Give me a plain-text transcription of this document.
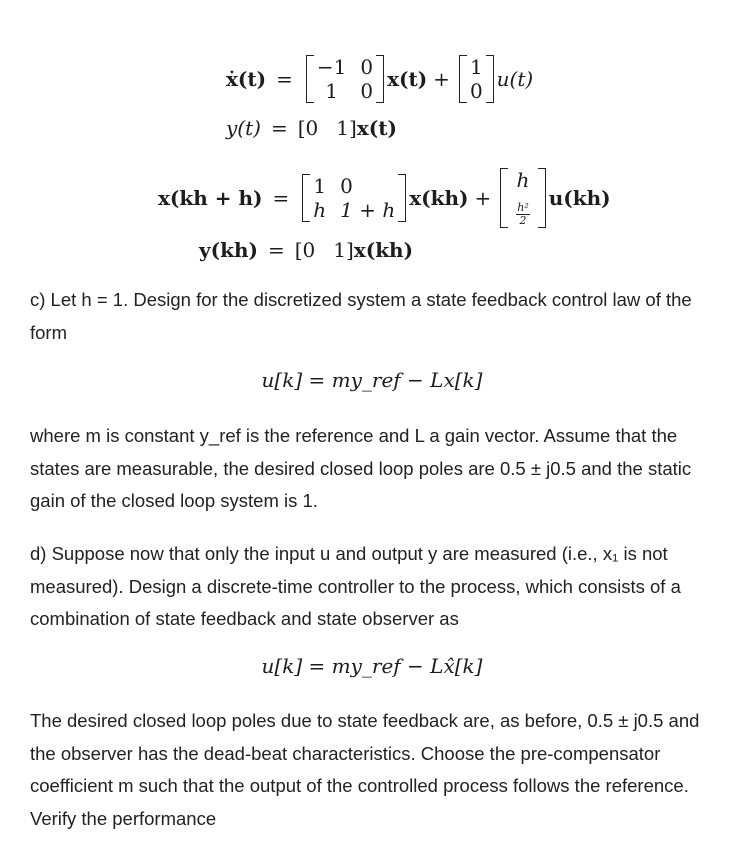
ẋ(t) = −1 0
1	0 x(t) + 1
0 u(t)
y(t) = [0 1] x(t)
x(kh + h) = 1 0
h 1 + h x(kh) +
h
$\frac{\text{h²}}{2}$
u(kh)
y(kh) = [0 1] x(kh)
c) Let h = 1. Design for the discretized system a state feedback control law of the form
u[k] = my_ref − Lx[k]
where m is constant y_ref is the reference and L a gain vector. Assume that the states are measurable, the desired closed loop poles are 0.5 ± j0.5 and the static gain of the closed loop system is 1.
d) Suppose now that only the input u and output y are measured (i.e., x₁ is not measured). Design a discrete-time controller to the process, which consists of a combination of state feedback and state observer as
u[k] = my_ref − Lx̂[k]
The desired closed loop poles due to state feedback are, as before, 0.5 ± j0.5 and the observer has the dead-beat characteristics. Choose the pre-compensator coefficient m such that the output of the controlled process follows the reference. Verify the performance
